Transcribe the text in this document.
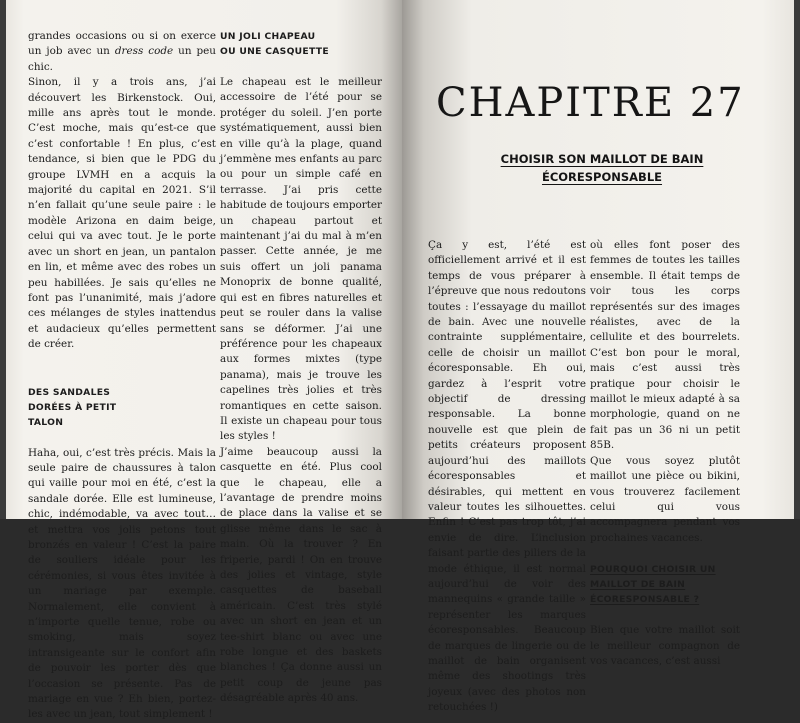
grandes occasions ou si on exerce un job avec un dress code un peu chic.

Sinon, il y a trois ans, j’ai découvert les Birkenstock. Oui, mille ans après tout le monde. C’est moche, mais qu’est-ce que c’est confortable ! En plus, c’est tendance, si bien que le PDG du groupe LVMH en a acquis la majorité du capital en 2021. S’il n’en fallait qu’une seule paire : le modèle Arizona en daim beige, celui qui va avec tout. Je le porte avec un short en jean, un pantalon en lin, et même avec des robes un peu habillées. Je sais qu’elles ne font pas l’unanimité, mais j’adore ces mélanges de styles inattendus et audacieux qu’elles permettent de créer.

DES SANDALES DORÉES À PETIT TALON

Haha, oui, c’est très précis. Mais la seule paire de chaussures à talon qui vaille pour moi en été, c’est la sandale dorée. Elle est lumineuse, chic, indémodable, va avec tout… et mettra vos jolis petons tout bronzés en valeur ! C’est la paire de souliers idéale pour les cérémonies, si vous êtes invitée à un mariage par exemple. Normalement, elle convient à n’importe quelle tenue, robe ou smoking, mais soyez intransigeante sur le confort afin de pouvoir les porter dès que l’occasion se présente. Pas de mariage en vue ? Eh bien, portez-les avec un jean, tout simplement !

UN JOLI CHAPEAU OU UNE CASQUETTE

Le chapeau est le meilleur accessoire de l’été pour se protéger du soleil. J’en porte systématiquement, aussi bien en ville qu’à la plage, quand j’emmène mes enfants au parc ou pour un simple café en terrasse. J’ai pris cette habitude de toujours emporter un chapeau partout et maintenant j’ai du mal à m’en passer. Cette année, je me suis offert un joli panama Monoprix de bonne qualité, qui est en fibres naturelles et peut se rouler dans la valise sans se déformer. J’ai une préférence pour les chapeaux aux formes mixtes (type panama), mais je trouve les capelines très jolies et très romantiques en cette saison. Il existe un chapeau pour tous les styles !

J’aime beaucoup aussi la casquette en été. Plus cool que le chapeau, elle a l’avantage de prendre moins de place dans la valise et se glisse même dans le sac à main. Où la trouver ? En friperie, pardi ! On en trouve des jolies et vintage, style casquettes de baseball américain. C’est très stylé avec un short en jean et un tee-shirt blanc ou avec une robe longue et des baskets blanches ! Ça donne aussi un petit coup de jeune pas désagréable après 40 ans.

CHAPITRE 27
CHOISIR SON MAILLOT DE BAIN ÉCORESPONSABLE

Ça y est, l’été est officiellement arrivé et il est temps de vous préparer à l’épreuve que nous redoutons toutes : l’essayage du maillot de bain. Avec une nouvelle contrainte supplémentaire, celle de choisir un maillot écoresponsable. Eh oui, gardez à l’esprit votre objectif de dressing responsable. La bonne nouvelle est que plein de petits créateurs proposent aujourd’hui des maillots écoresponsables et désirables, qui mettent en valeur toutes les silhouettes. Enfin ! C’est pas trop tôt, j’ai envie de dire. L’inclusion faisant partie des piliers de la mode éthique, il est normal aujourd’hui de voir des mannequins « grande taille » représenter les marques écoresponsables. Beaucoup de marques de lingerie ou de maillot de bain organisent même des shootings très joyeux (avec des photos non retouchées !)

où elles font poser des femmes de toutes les tailles ensemble. Il était temps de voir tous les corps représentés sur des images réalistes, avec de la cellulite et des bourrelets. C’est bon pour le moral, mais c’est aussi très pratique pour choisir le maillot le mieux adapté à sa morphologie, quand on ne fait pas un 36 ni un petit 85B.

Que vous soyez plutôt maillot une pièce ou bikini, vous trouverez facilement celui qui vous accompagnera pendant vos prochaines vacances.

POURQUOI CHOISIR UN MAILLOT DE BAIN ÉCORESPONSABLE ?

Bien que votre maillot soit le meilleur compagnon de vos vacances, c’est aussi
